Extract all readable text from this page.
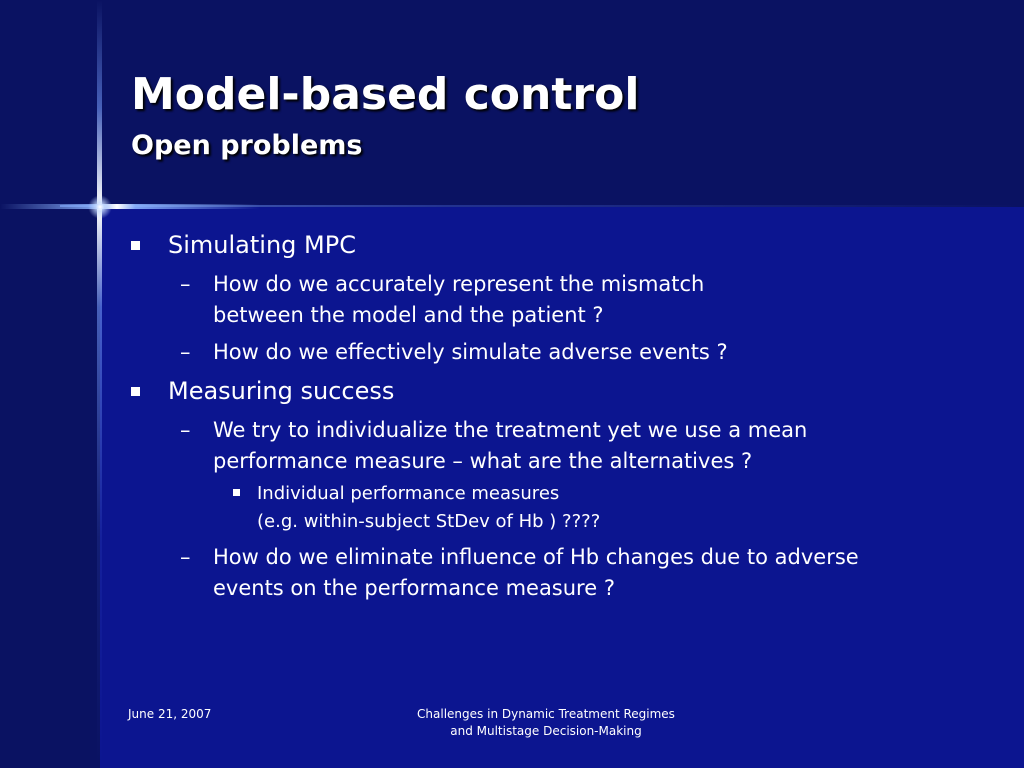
Model-based control
Open problems
Simulating MPC
– How do we accurately represent the mismatch
between the model and the patient ?
– How do we effectively simulate adverse events ?
Measuring success
– We try to individualize the treatment yet we use a mean
performance measure – what are the alternatives ?
Individual performance measures
(e.g. within-subject StDev of Hb ) ????
– How do we eliminate influence of Hb changes due to adverse
events on the performance measure ?
June 21, 2007	Challenges in Dynamic Treatment Regimes
and Multistage Decision-Making
